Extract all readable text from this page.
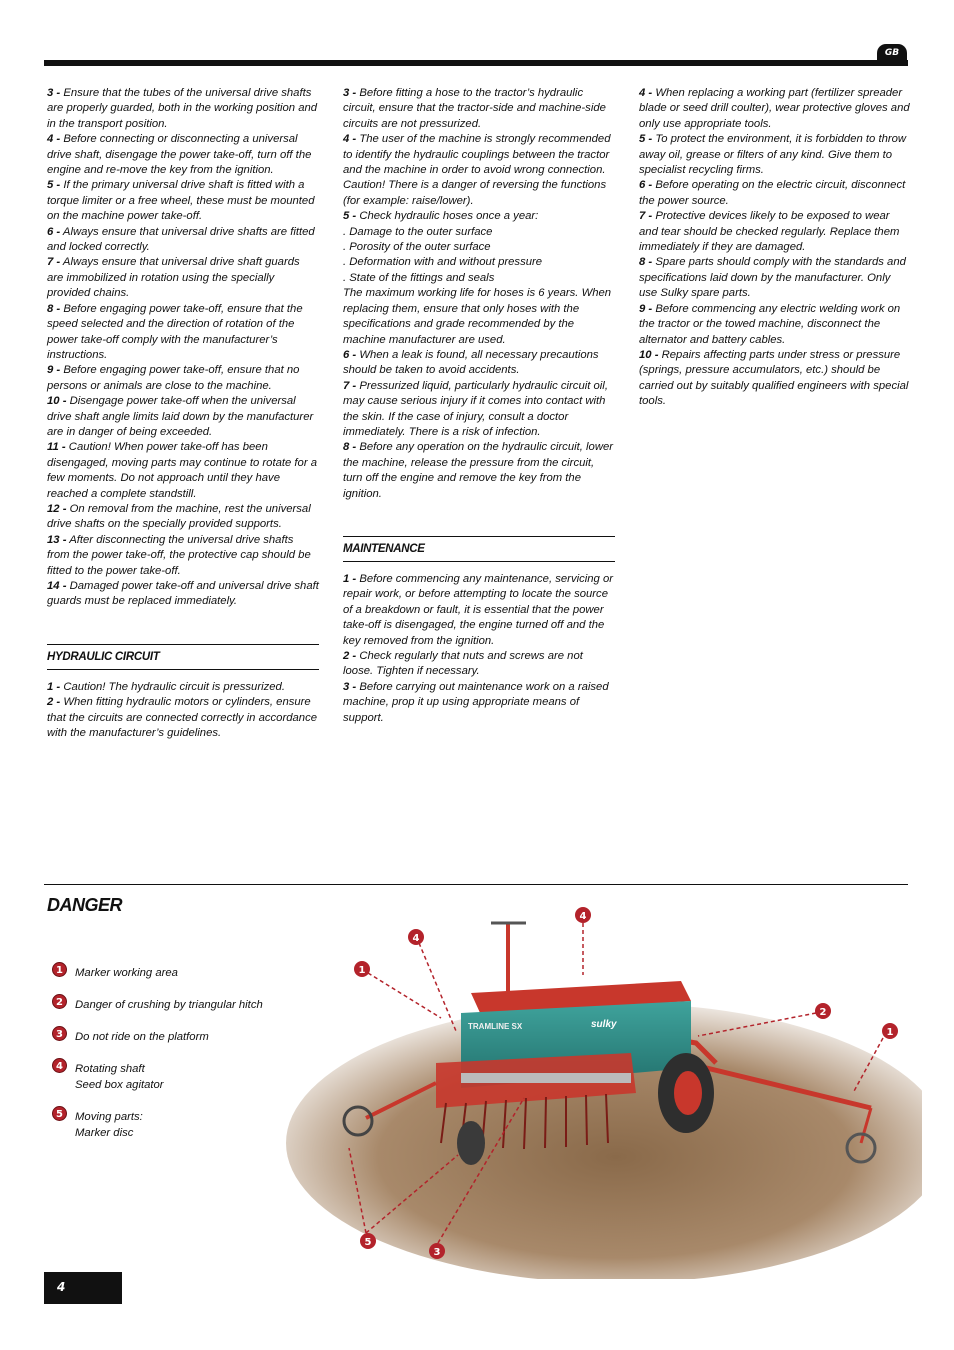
GB

3 - Ensure that the tubes of the universal drive shafts are properly guarded, both in the working position and in the transport position.

4 - Before connecting or disconnecting a universal drive shaft, disengage the power take-off, turn off the engine and re-move the key from the ignition.

5 - If the primary universal drive shaft is fitted with a torque limiter or a free wheel, these must be mounted on the machine power take-off.

6 - Always ensure that universal drive shafts are fitted and locked correctly.

7 - Always ensure that universal drive shaft guards are immobilized in rotation using the specially provided chains.

8 - Before engaging power take-off, ensure that the speed selected and the direction of rotation of the power take-off comply with the manufacturer’s instructions.

9 - Before engaging power take-off, ensure that no persons or animals are close to the machine.

10 - Disengage power take-off when the universal drive shaft angle limits laid down by the manufacturer are in danger of being exceeded.

11 - Caution! When power take-off has been disengaged, moving parts may continue to rotate for a few moments. Do not approach until they have reached a complete standstill.

12 - On removal from the machine, rest the universal drive shafts on the specially provided supports.

13 - After disconnecting the universal drive shafts from the power take-off, the protective cap should be fitted to the power take-off.

14 - Damaged power take-off and universal drive shaft guards must be replaced immediately.

HYDRAULIC CIRCUIT

1 - Caution! The hydraulic circuit is pressurized.

2 - When fitting hydraulic motors or cylinders, ensure that the circuits are connected correctly in accordance with the manufacturer’s guidelines.

3 - Before fitting a hose to the tractor’s hydraulic circuit, ensure that the tractor-side and machine-side circuits are not pressurized.

4 - The user of the machine is strongly recommended to identify the hydraulic couplings between the tractor and the machine in order to avoid wrong connection. Caution! There is a danger of reversing the functions (for example: raise/lower).

5 - Check hydraulic hoses once a year:

. Damage to the outer surface

. Porosity of the outer surface

. Deformation with and without pressure

. State of the fittings and seals

The maximum working life for hoses is 6 years. When replacing them, ensure that only hoses with the specifications and grade recommended by the machine manufacturer are used.

6 - When a leak is found, all necessary precautions should be taken to avoid accidents.

7 - Pressurized liquid, particularly hydraulic circuit oil, may cause serious injury if it comes into contact with the skin. If the case of injury, consult a doctor immediately. There is a risk of infection.

8 - Before any operation on the hydraulic circuit, lower the machine, release the pressure from the circuit, turn off the engine and remove the key from the ignition.

MAINTENANCE

1 - Before commencing any maintenance, servicing or repair work, or before attempting to locate the source of a breakdown or fault, it is essential that the power take-off is disengaged, the engine turned off and the key removed from the ignition.

2 - Check regularly that nuts and screws are not loose. Tighten if necessary.

3 - Before carrying out maintenance work on a raised machine, prop it up using appropriate means of support.

4 - When replacing a working part (fertilizer spreader blade or seed drill coulter), wear protective gloves and only use appropriate tools.

5 - To protect the environment, it is forbidden to throw away oil, grease or filters of any kind. Give them to specialist recycling firms.

6 - Before operating on the electric circuit, disconnect the power source.

7 - Protective devices likely to be exposed to wear and tear should be checked regularly. Replace them immediately if they are damaged.

8 - Spare parts should comply with the standards and specifications laid down by the manufacturer. Only use Sulky spare parts.

9 - Before commencing any electric welding work on the tractor or the towed machine, disconnect the alternator and battery cables.

10 - Repairs affecting parts under stress or pressure (springs, pressure accumulators, etc.) should be carried out by suitably qualified engineers with special tools.

DANGER
1	Marker working area
2	Danger of crushing by triangular hitch
3	Do not ride on the platform
4	Rotating shaft
Seed box agitator
5	Moving parts:
Marker disc
TRAMLINE SX	sulky
1
4
4
2
1
5
3
4
